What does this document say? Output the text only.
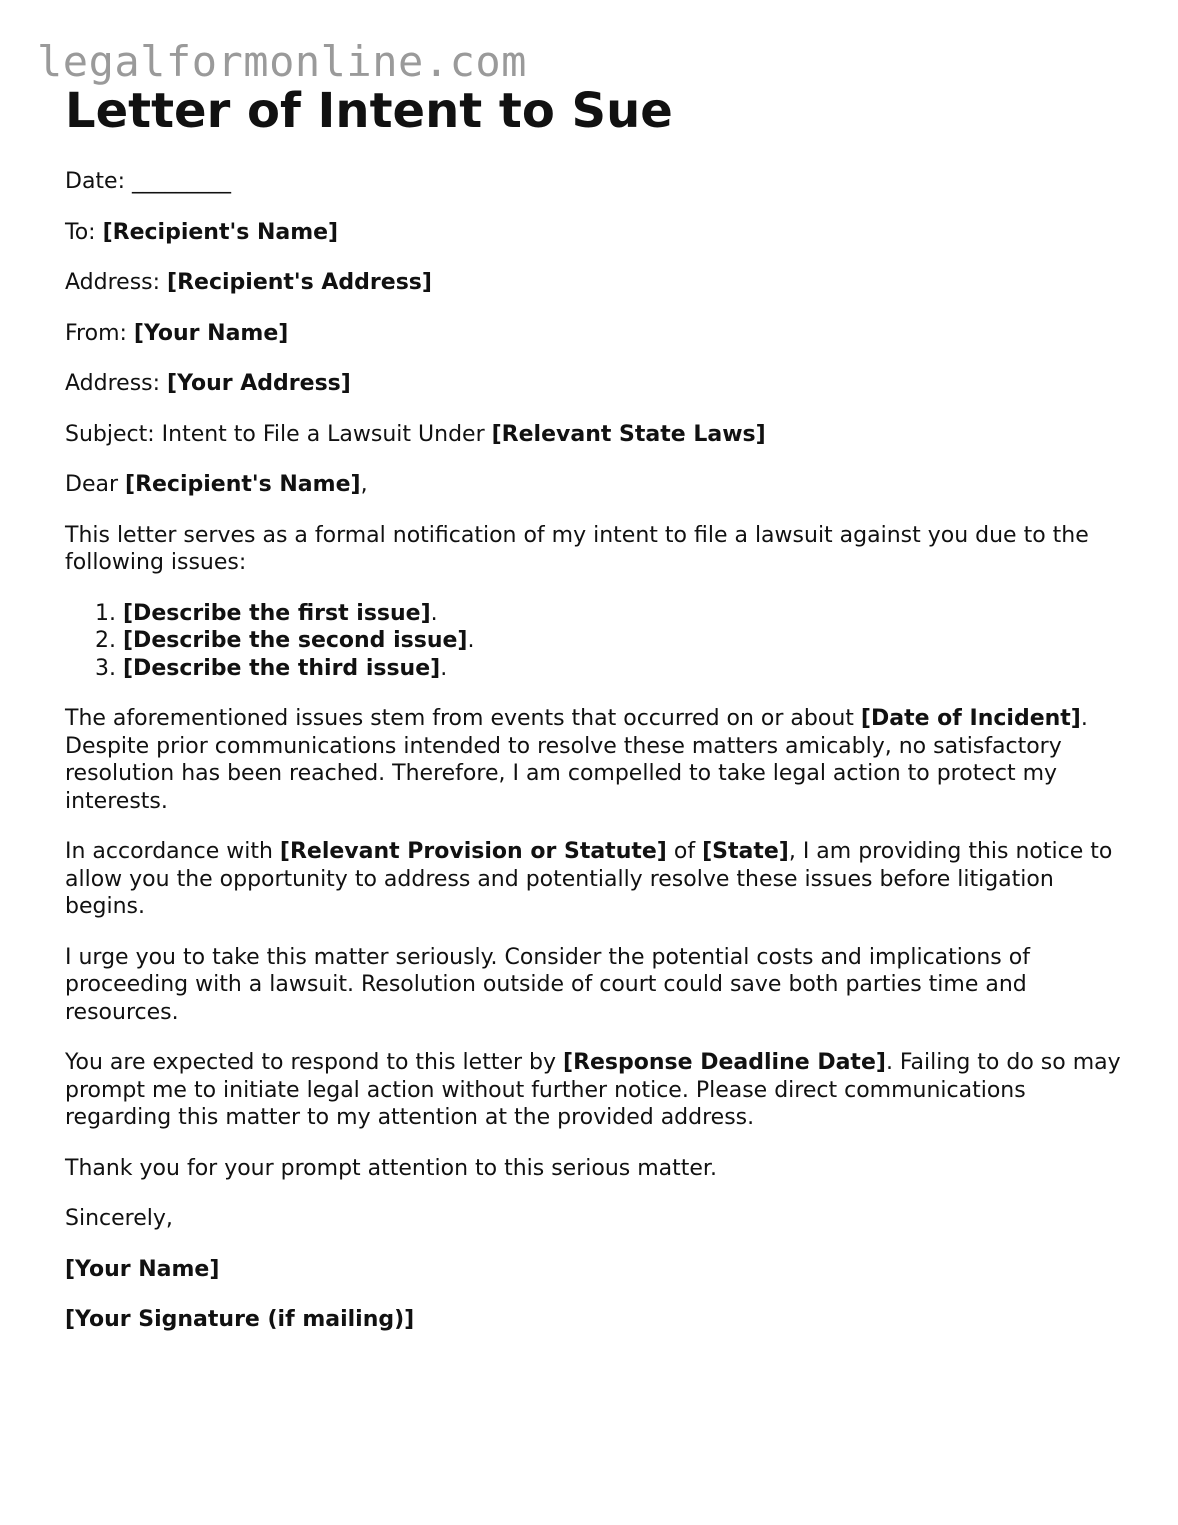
legalformonline.com
Letter of Intent to Sue

Date: _________

To: [Recipient's Name]

Address: [Recipient's Address]

From: [Your Name]

Address: [Your Address]

Subject: Intent to File a Lawsuit Under [Relevant State Laws]

Dear [Recipient's Name],

This letter serves as a formal notification of my intent to file a lawsuit against you due to the following issues:

1. [Describe the first issue].
2. [Describe the second issue].
3. [Describe the third issue].

The aforementioned issues stem from events that occurred on or about [Date of Incident]. Despite prior communications intended to resolve these matters amicably, no satisfactory resolution has been reached. Therefore, I am compelled to take legal action to protect my interests.

In accordance with [Relevant Provision or Statute] of [State], I am providing this notice to allow you the opportunity to address and potentially resolve these issues before litigation begins.

I urge you to take this matter seriously. Consider the potential costs and implications of proceeding with a lawsuit. Resolution outside of court could save both parties time and resources.

You are expected to respond to this letter by [Response Deadline Date]. Failing to do so may prompt me to initiate legal action without further notice. Please direct communications regarding this matter to my attention at the provided address.

Thank you for your prompt attention to this serious matter.

Sincerely,

[Your Name]

[Your Signature (if mailing)]
